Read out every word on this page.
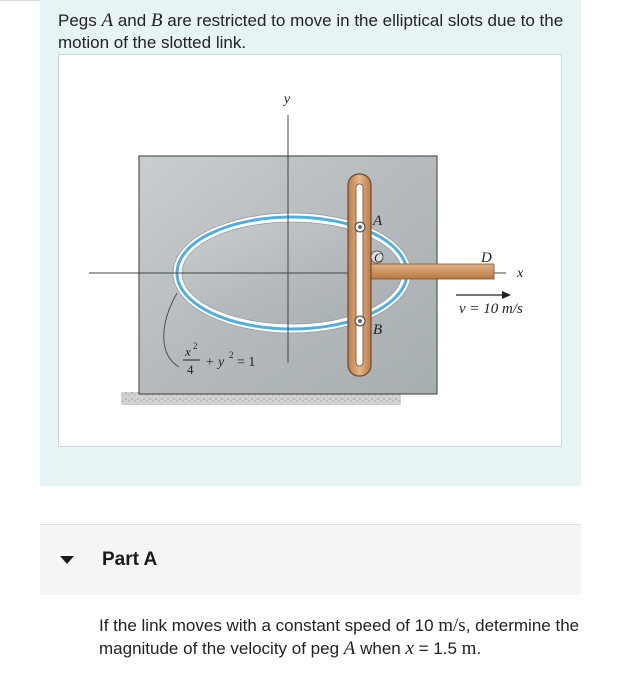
Pegs A and B are restricted to move in the elliptical slots due to the motion of the slotted link.
y
x
A
B
C	D
v = 10 m/s
x 2
4 + y 2 = 1
Part A
If the link moves with a constant speed of 10 m/s, determine the magnitude of the velocity of peg A when x = 1.5 m.
